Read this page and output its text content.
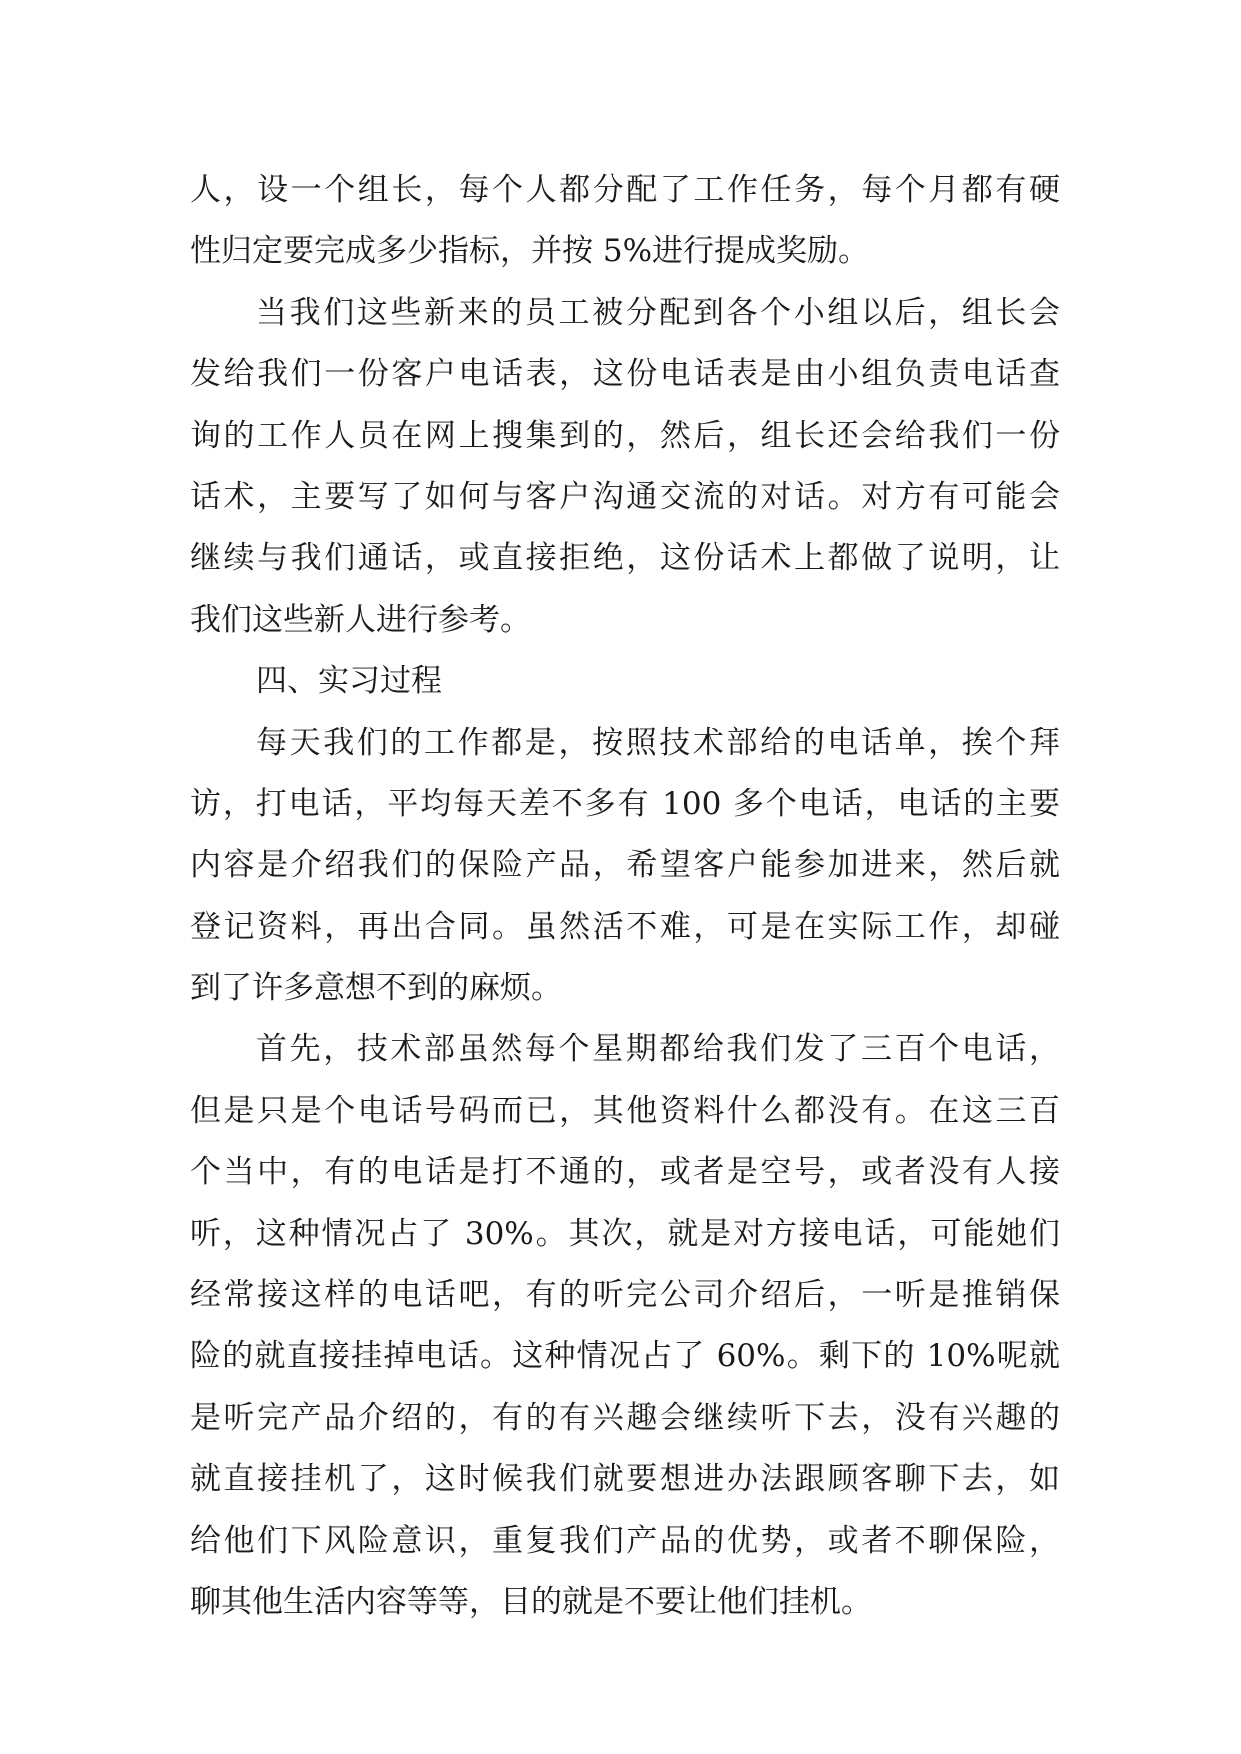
人，设一个组长，每个人都分配了工作任务，每个月都有硬
性归定要完成多少指标，并按 5%进行提成奖励。
当我们这些新来的员工被分配到各个小组以后，组长会
发给我们一份客户电话表，这份电话表是由小组负责电话查
询的工作人员在网上搜集到的，然后，组长还会给我们一份
话术，主要写了如何与客户沟通交流的对话。对方有可能会
继续与我们通话，或直接拒绝，这份话术上都做了说明，让
我们这些新人进行参考。
四、实习过程
每天我们的工作都是，按照技术部给的电话单，挨个拜
访，打电话，平均每天差不多有 100 多个电话，电话的主要
内容是介绍我们的保险产品，希望客户能参加进来，然后就
登记资料，再出合同。虽然活不难，可是在实际工作，却碰
到了许多意想不到的麻烦。
首先，技术部虽然每个星期都给我们发了三百个电话，
但是只是个电话号码而已，其他资料什么都没有。在这三百
个当中，有的电话是打不通的，或者是空号，或者没有人接
听，这种情况占了 30%。其次，就是对方接电话，可能她们
经常接这样的电话吧，有的听完公司介绍后，一听是推销保
险的就直接挂掉电话。这种情况占了 60%。剩下的 10%呢就
是听完产品介绍的，有的有兴趣会继续听下去，没有兴趣的
就直接挂机了，这时候我们就要想进办法跟顾客聊下去，如
给他们下风险意识，重复我们产品的优势，或者不聊保险，
聊其他生活内容等等，目的就是不要让他们挂机。
